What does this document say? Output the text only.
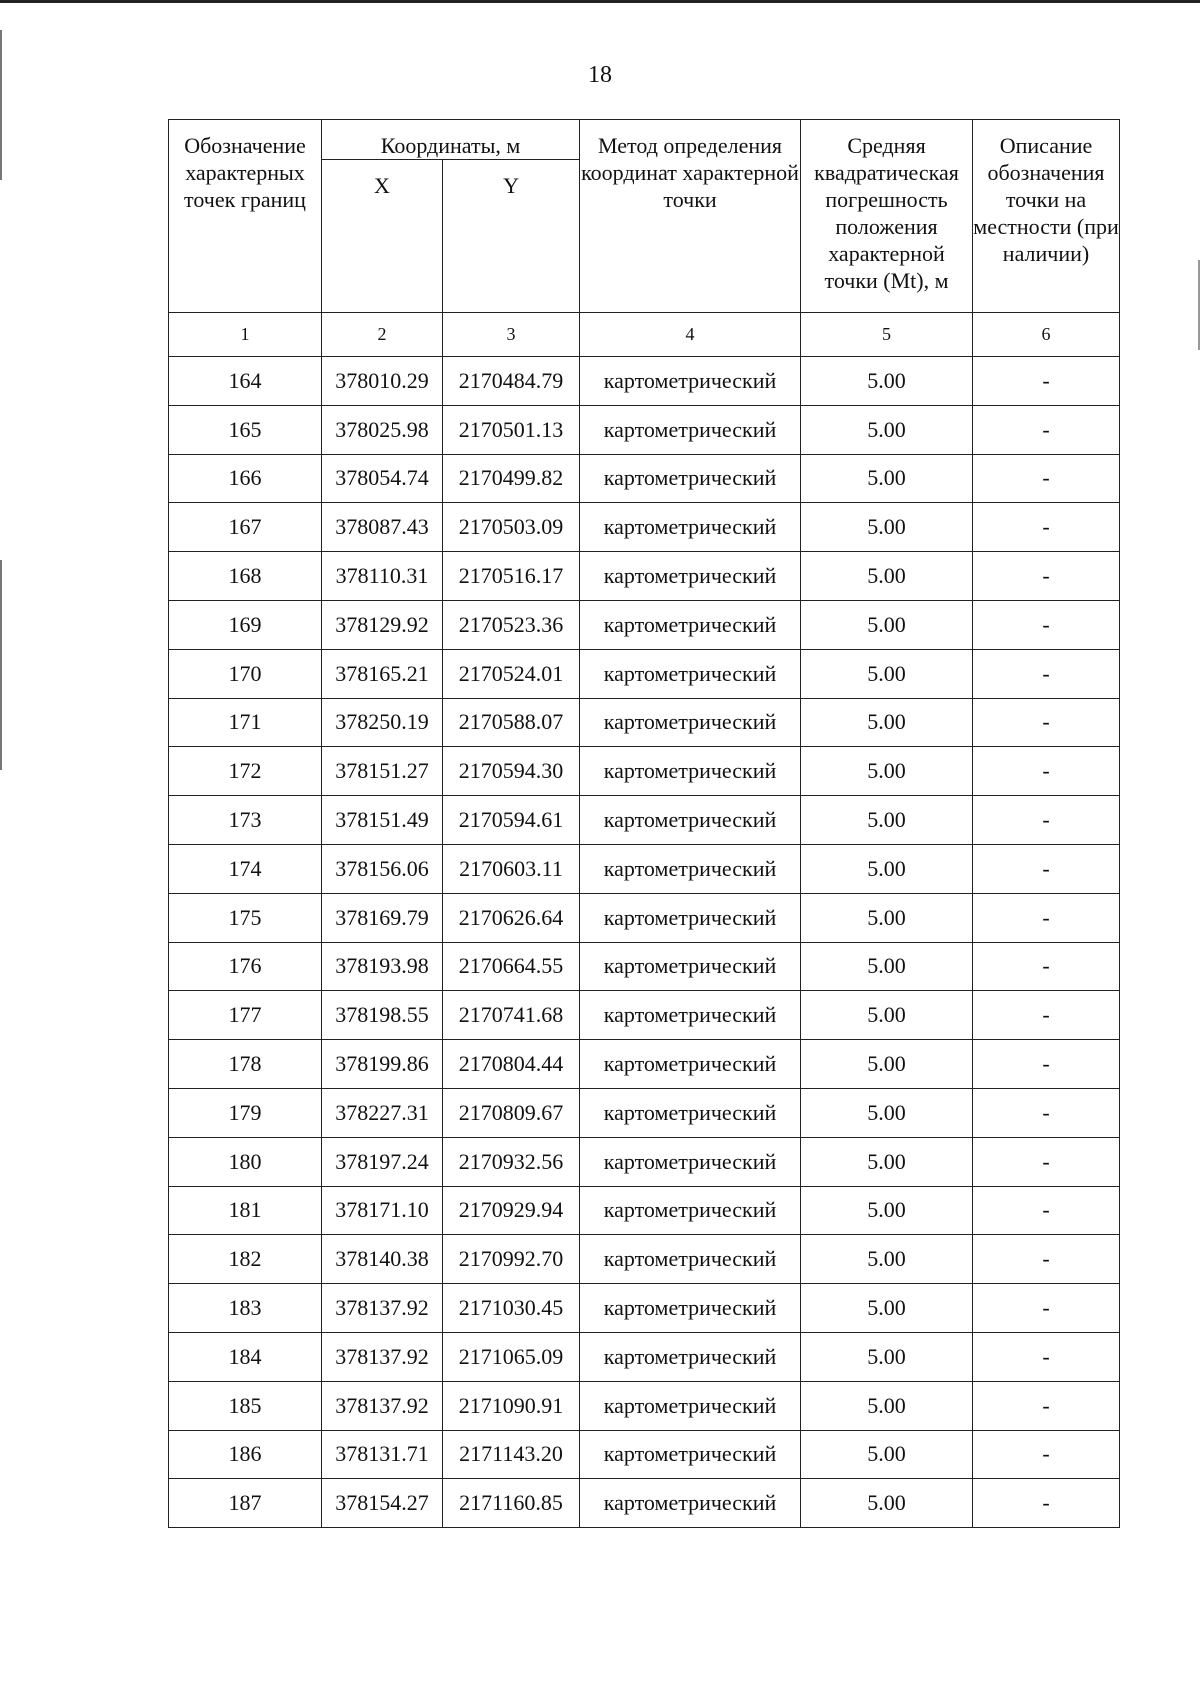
18
Обозначение характерных точек границ	Координаты, м		Метод определения координат характерной точки	Средняя квадратическая погрешность положения характерной точки (Mt), м	Описание обозначения точки на местности (при наличии)
	X	Y			
1	2	3	4	5	6
164	378010.29	2170484.79	картометрический	5.00	-
165	378025.98	2170501.13	картометрический	5.00	-
166	378054.74	2170499.82	картометрический	5.00	-
167	378087.43	2170503.09	картометрический	5.00	-
168	378110.31	2170516.17	картометрический	5.00	-
169	378129.92	2170523.36	картометрический	5.00	-
170	378165.21	2170524.01	картометрический	5.00	-
171	378250.19	2170588.07	картометрический	5.00	-
172	378151.27	2170594.30	картометрический	5.00	-
173	378151.49	2170594.61	картометрический	5.00	-
174	378156.06	2170603.11	картометрический	5.00	-
175	378169.79	2170626.64	картометрический	5.00	-
176	378193.98	2170664.55	картометрический	5.00	-
177	378198.55	2170741.68	картометрический	5.00	-
178	378199.86	2170804.44	картометрический	5.00	-
179	378227.31	2170809.67	картометрический	5.00	-
180	378197.24	2170932.56	картометрический	5.00	-
181	378171.10	2170929.94	картометрический	5.00	-
182	378140.38	2170992.70	картометрический	5.00	-
183	378137.92	2171030.45	картометрический	5.00	-
184	378137.92	2171065.09	картометрический	5.00	-
185	378137.92	2171090.91	картометрический	5.00	-
186	378131.71	2171143.20	картометрический	5.00	-
187	378154.27	2171160.85	картометрический	5.00	-
